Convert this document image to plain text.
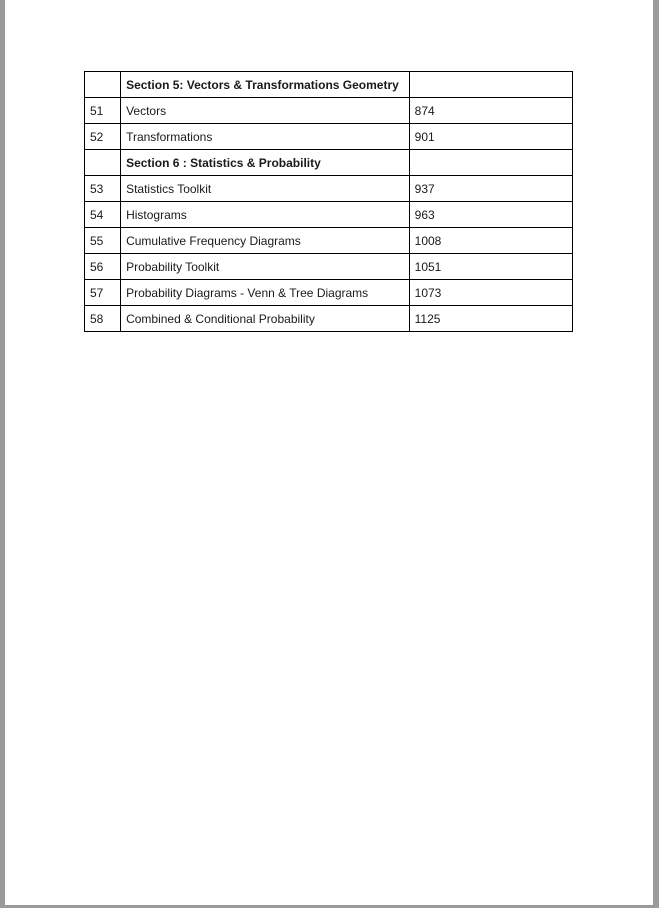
	Section 5: Vectors & Transformations Geometry	
51	Vectors	874
52	Transformations	901
	Section 6 : Statistics & Probability	
53	Statistics Toolkit	937
54	Histograms	963
55	Cumulative Frequency Diagrams	1008
56	Probability Toolkit	1051
57	Probability Diagrams - Venn & Tree Diagrams	1073
58	Combined & Conditional Probability	1125
